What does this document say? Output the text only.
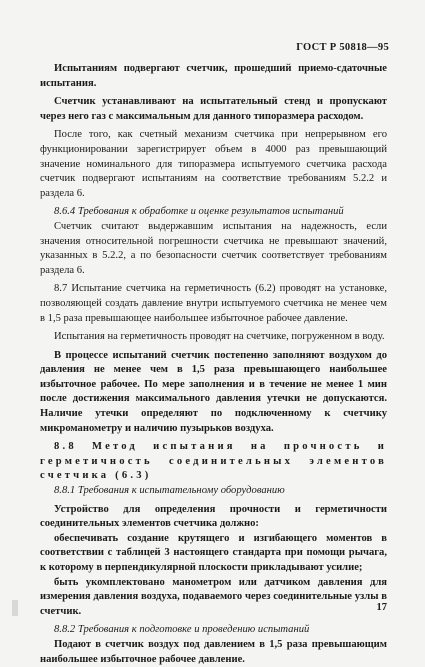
ГОСТ Р 50818—95

Испытаниям подвергают счетчик, прошедший приемо-сдаточные испытания.

Счетчик устанавливают на испытательный стенд и пропускают через него газ с максимальным для данного типоразмера расходом.

После того, как счетный механизм счетчика при непрерывном его функционировании зарегистрирует объем в 4000 раз превышающий значение номинального для типоразмера испытуемого счетчика расхода счетчик подвергают испытаниям на соответствие требованиям 5.2.2 и раздела 6.

8.6.4 Требования к обработке и оценке результатов испытаний

Счетчик считают выдержавшим испытания на надежность, если значения относительной погрешности счетчика не превышают значений, указанных в 5.2.2, а по безопасности счетчик соответствует требованиям раздела 6.

8.7 Испытание счетчика на герметичность (6.2) проводят на установке, позволяющей создать давление внутри испытуемого счетчика не менее чем в 1,5 раза превышающее наибольшее избыточное рабочее давление.

Испытания на герметичность проводят на счетчике, погруженном в воду.

В процессе испытаний счетчик постепенно заполняют воздухом до давления не менее чем в 1,5 раза превышающего наибольшее избыточное рабочее. По мере заполнения и в течение не менее 1 мин после достижения максимального давления утечки не допускаются. Наличие утечки определяют по подключенному к счетчику микроманометру и наличию пузырьков воздуха.

8.8 Метод испытания на прочность и герметичность соединительных элементов счетчика (6.3)

8.8.1 Требования к испытательному оборудованию

Устройство для определения прочности и герметичности соединительных элементов счетчика должно:

обеспечивать создание крутящего и изгибающего моментов в соответствии с таблицей 3 настоящего стандарта при помощи рычага, к которому в перпендикулярной плоскости прикладывают усилие;

быть укомплектовано манометром или датчиком давления для измерения давления воздуха, подаваемого через соединительные узлы в счетчик.

8.8.2 Требования к подготовке и проведению испытаний

Подают в счетчик воздух под давлением в 1,5 раза превышающим наибольшее избыточное рабочее давление.

17
